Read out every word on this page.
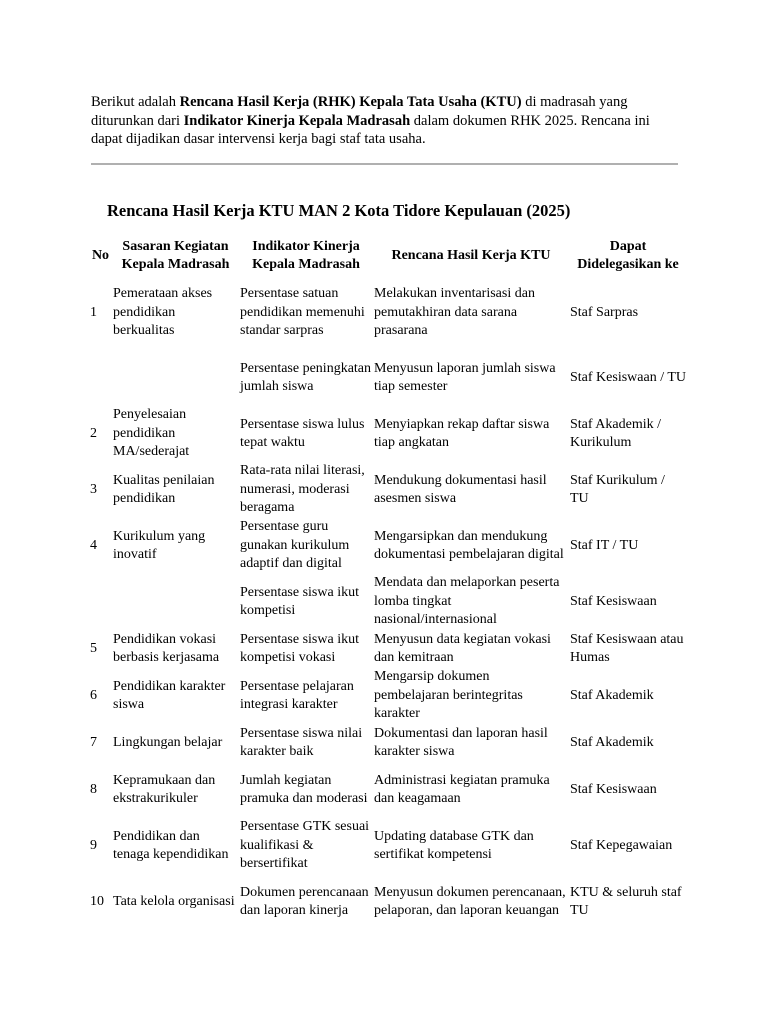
Berikut adalah Rencana Hasil Kerja (RHK) Kepala Tata Usaha (KTU) di madrasah yang diturunkan dari Indikator Kinerja Kepala Madrasah dalam dokumen RHK 2025. Rencana ini dapat dijadikan dasar intervensi kerja bagi staf tata usaha.

Rencana Hasil Kerja KTU MAN 2 Kota Tidore Kepulauan (2025)
No	Sasaran Kegiatan Kepala Madrasah	Indikator Kinerja Kepala Madrasah	Rencana Hasil Kerja KTU	Dapat Didelegasikan ke
1	Pemerataan akses pendidikan berkualitas	Persentase satuan pendidikan memenuhi standar sarpras	Melakukan inventarisasi dan pemutakhiran data sarana prasarana	Staf Sarpras
		Persentase peningkatan jumlah siswa	Menyusun laporan jumlah siswa tiap semester	Staf Kesiswaan / TU
2	Penyelesaian pendidikan MA/sederajat	Persentase siswa lulus tepat waktu	Menyiapkan rekap daftar siswa tiap angkatan	Staf Akademik / Kurikulum
3	Kualitas penilaian pendidikan	Rata-rata nilai literasi, numerasi, moderasi beragama	Mendukung dokumentasi hasil asesmen siswa	Staf Kurikulum / TU
4	Kurikulum yang inovatif	Persentase guru gunakan kurikulum adaptif dan digital	Mengarsipkan dan mendukung dokumentasi pembelajaran digital	Staf IT / TU
		Persentase siswa ikut kompetisi	Mendata dan melaporkan peserta lomba tingkat nasional/internasional	Staf Kesiswaan
5	Pendidikan vokasi berbasis kerjasama	Persentase siswa ikut kompetisi vokasi	Menyusun data kegiatan vokasi dan kemitraan	Staf Kesiswaan atau Humas
6	Pendidikan karakter siswa	Persentase pelajaran integrasi karakter	Mengarsip dokumen pembelajaran berintegritas karakter	Staf Akademik
7	Lingkungan belajar	Persentase siswa nilai karakter baik	Dokumentasi dan laporan hasil karakter siswa	Staf Akademik
8	Kepramukaan dan ekstrakurikuler	Jumlah kegiatan pramuka dan moderasi	Administrasi kegiatan pramuka dan keagamaan	Staf Kesiswaan
9	Pendidikan dan tenaga kependidikan	Persentase GTK sesuai kualifikasi & bersertifikat	Updating database GTK dan sertifikat kompetensi	Staf Kepegawaian
10	Tata kelola organisasi	Dokumen perencanaan dan laporan kinerja	Menyusun dokumen perencanaan, pelaporan, dan laporan keuangan	KTU & seluruh staf TU
